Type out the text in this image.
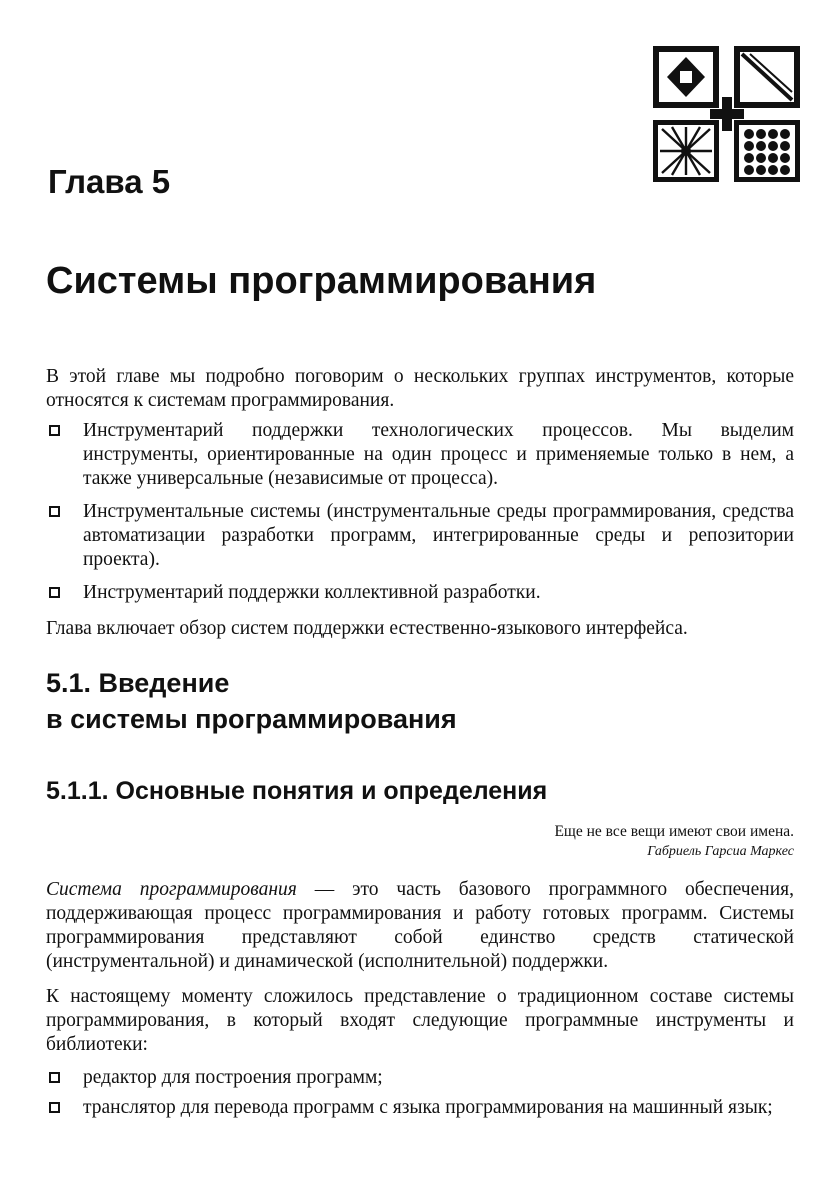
Глава 5
Системы программирования

В этой главе мы подробно поговорим о нескольких группах инструментов, которые относятся к системам программирования.

Инструментарий поддержки технологических процессов. Мы выделим инструменты, ориентированные на один процесс и применяемые только в нем, а также универсальные (независимые от процесса).
Инструментальные системы (инструментальные среды программирования, средства автоматизации разработки программ, интегрированные среды и репозитории проекта).
Инструментарий поддержки коллективной разработки.

Глава включает обзор систем поддержки естественно-языкового интерфейса.

5.1. Введение
в системы программирования
5.1.1. Основные понятия и определения
Еще не все вещи имеют свои имена.
Габриель Гарсиа Маркес

Система программирования — это часть базового программного обеспечения, поддерживающая процесс программирования и работу готовых программ. Системы программирования представляют собой единство средств статической (инструментальной) и динамической (исполнительной) поддержки.

К настоящему моменту сложилось представление о традиционном составе системы программирования, в который входят следующие программные инструменты и библиотеки:

редактор для построения программ;
транслятор для перевода программ с языка программирования на машинный язык;
